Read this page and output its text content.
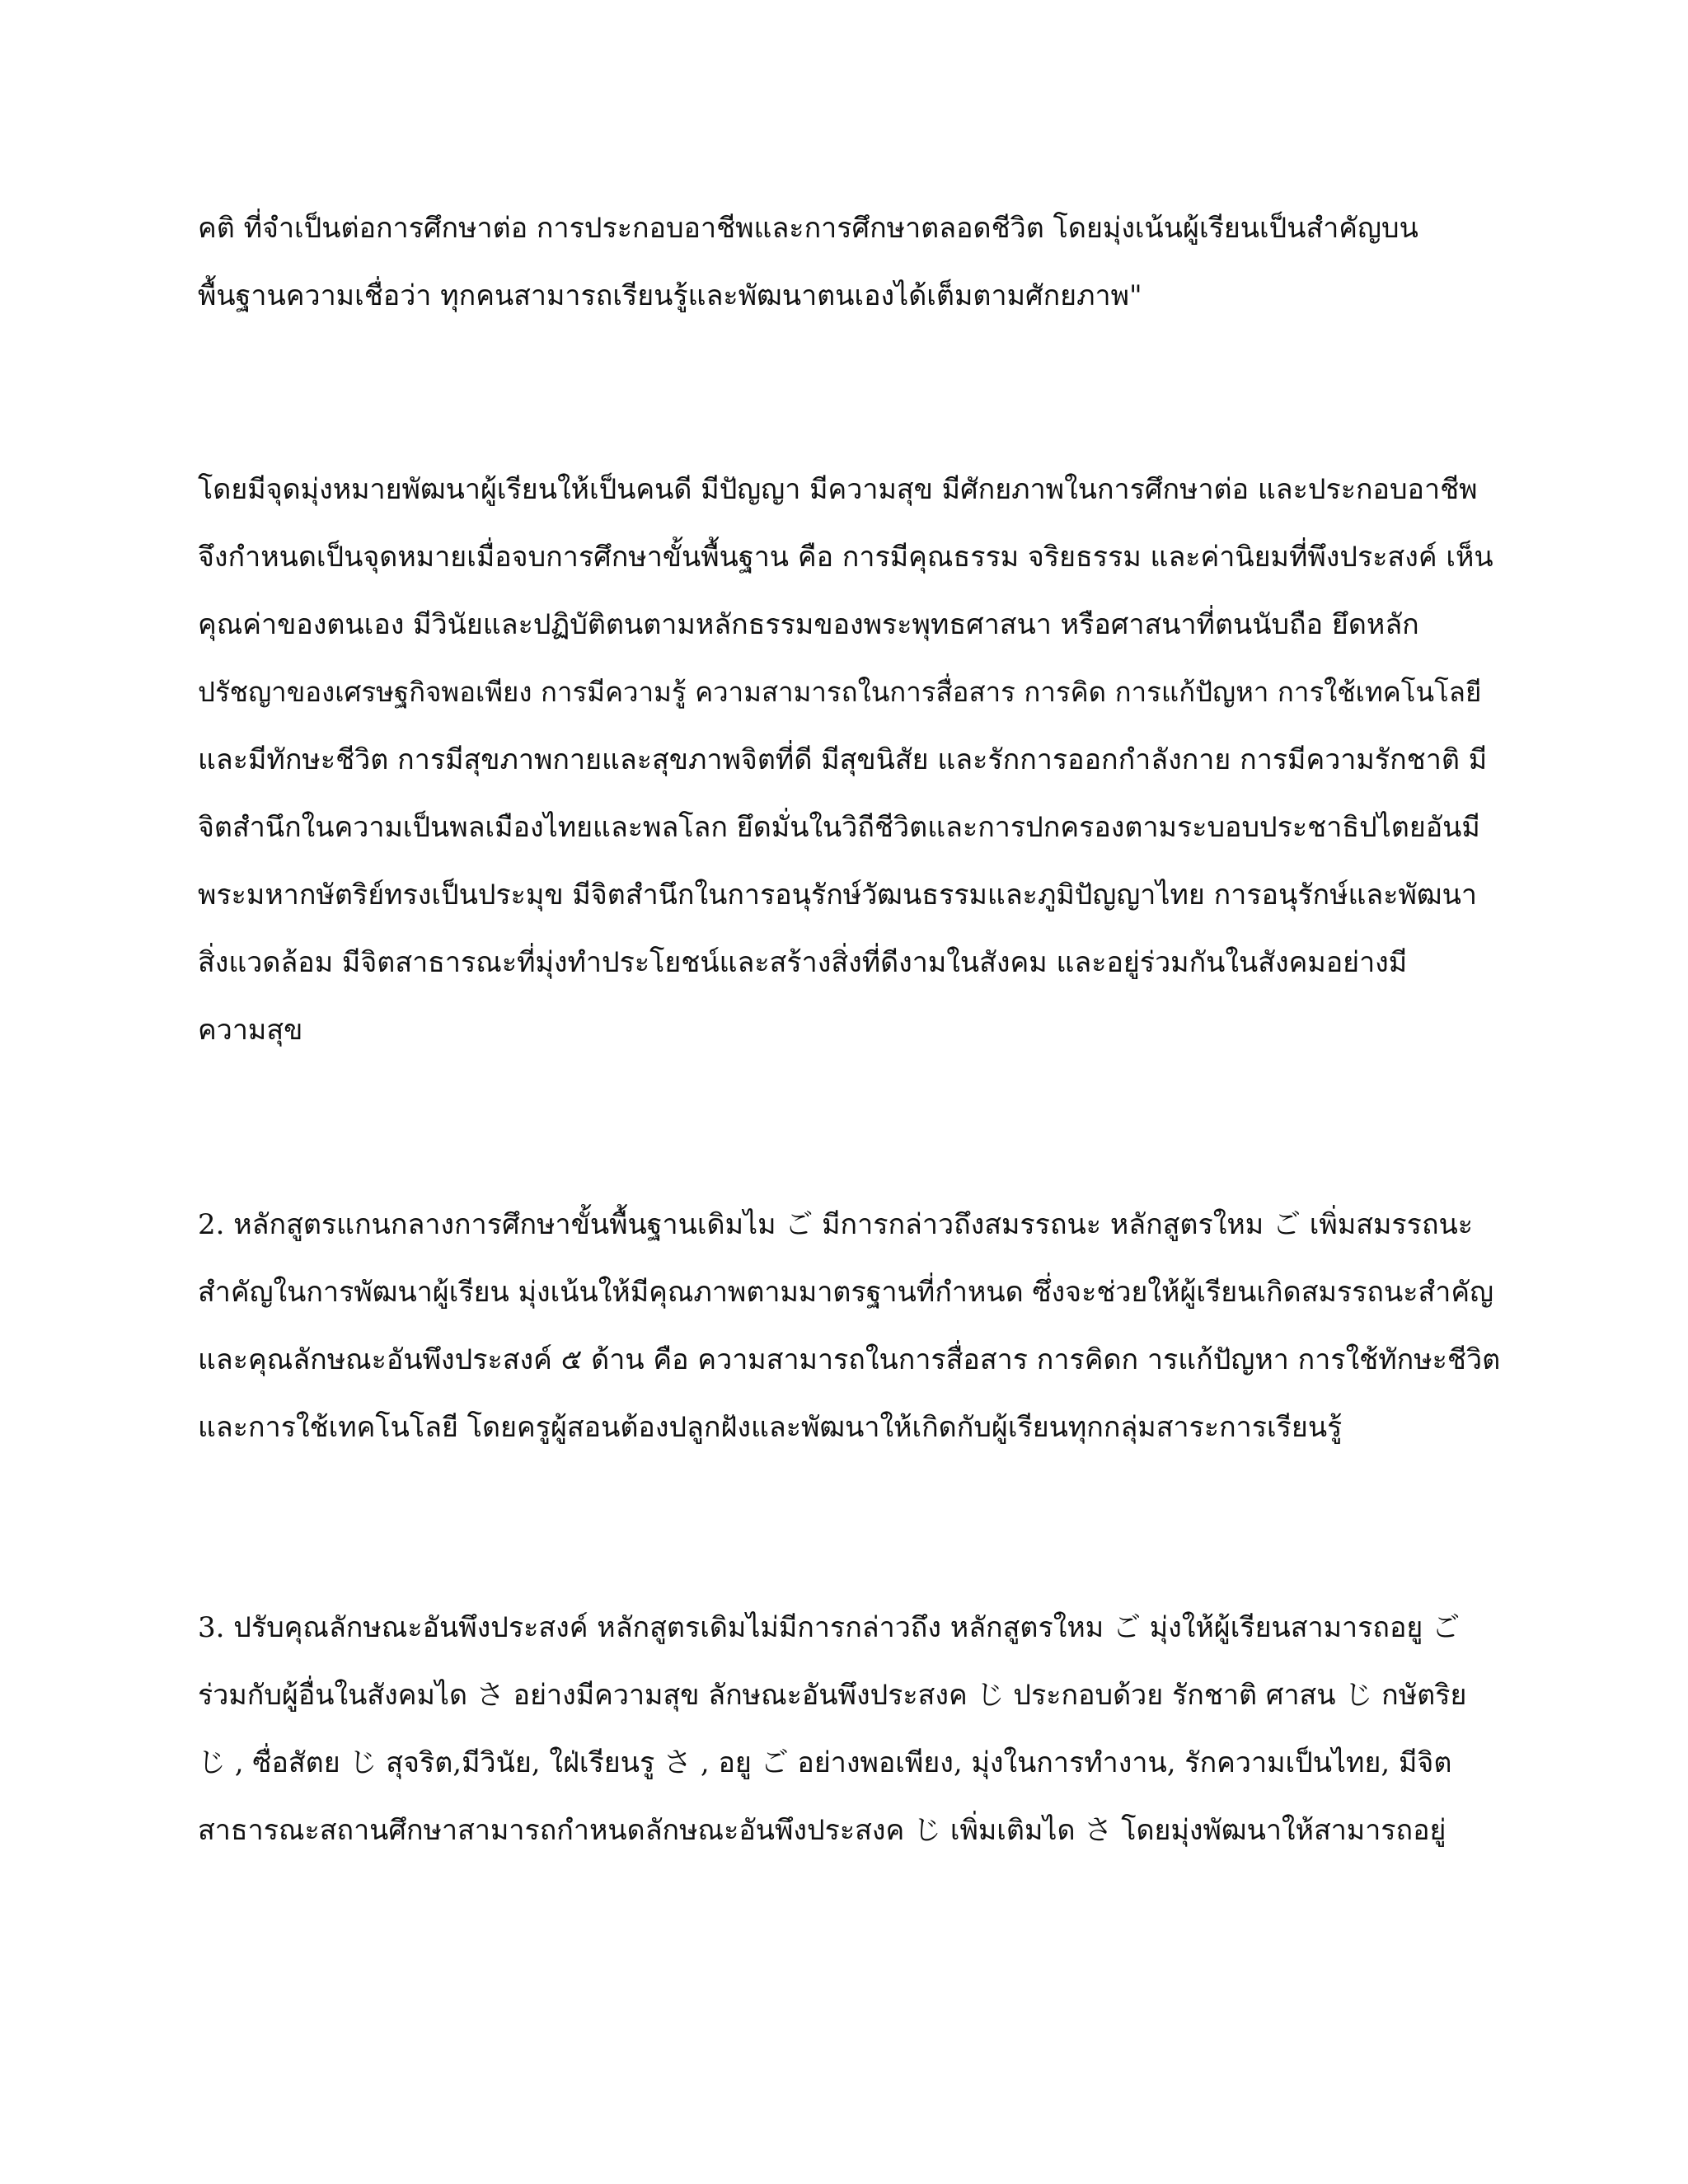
คติ ที่จำเป็นต่อการศึกษาต่อ การประกอบอาชีพและการศึกษาตลอดชีวิต โดยมุ่งเน้นผู้เรียนเป็นสำคัญบน
พื้นฐานความเชื่อว่า ทุกคนสามารถเรียนรู้และพัฒนาตนเองได้เต็มตามศักยภาพ"
โดยมีจุดมุ่งหมายพัฒนาผู้เรียนให้เป็นคนดี มีปัญญา มีความสุข มีศักยภาพในการศึกษาต่อ และประกอบอาชีพ
จึงกำหนดเป็นจุดหมายเมื่อจบการศึกษาขั้นพื้นฐาน คือ การมีคุณธรรม จริยธรรม และค่านิยมที่พึงประสงค์ เห็น
คุณค่าของตนเอง มีวินัยและปฏิบัติตนตามหลักธรรมของพระพุทธศาสนา หรือศาสนาที่ตนนับถือ ยึดหลัก
ปรัชญาของเศรษฐกิจพอเพียง การมีความรู้ ความสามารถในการสื่อสาร การคิด การแก้ปัญหา การใช้เทคโนโลยี
และมีทักษะชีวิต การมีสุขภาพกายและสุขภาพจิตที่ดี มีสุขนิสัย และรักการออกกำลังกาย การมีความรักชาติ มี
จิตสำนึกในความเป็นพลเมืองไทยและพลโลก ยึดมั่นในวิถีชีวิตและการปกครองตามระบอบประชาธิปไตยอันมี
พระมหากษัตริย์ทรงเป็นประมุข มีจิตสำนึกในการอนุรักษ์วัฒนธรรมและภูมิปัญญาไทย การอนุรักษ์และพัฒนา
สิ่งแวดล้อม มีจิตสาธารณะที่มุ่งทำประโยชน์และสร้างสิ่งที่ดีงามในสังคม และอยู่ร่วมกันในสังคมอย่างมี
ความสุข
2. หลักสูตรแกนกลางการศึกษาขั้นพื้นฐานเดิมไม ご มีการกล่าวถึงสมรรถนะ หลักสูตรใหม ご เพิ่มสมรรถนะ
สำคัญในการพัฒนาผู้เรียน มุ่งเน้นให้มีคุณภาพตามมาตรฐานที่กำหนด ซึ่งจะช่วยให้ผู้เรียนเกิดสมรรถนะสำคัญ
และคุณลักษณะอันพึงประสงค์ ๕ ด้าน คือ ความสามารถในการสื่อสาร การคิดก ารแก้ปัญหา การใช้ทักษะชีวิต
และการใช้เทคโนโลยี โดยครูผู้สอนต้องปลูกฝังและพัฒนาให้เกิดกับผู้เรียนทุกกลุ่มสาระการเรียนรู้
3. ปรับคุณลักษณะอันพึงประสงค์ หลักสูตรเดิมไม่มีการกล่าวถึง หลักสูตรใหม ご มุ่งให้ผู้เรียนสามารถอยู ご
ร่วมกับผู้อื่นในสังคมได さ อย่างมีความสุข ลักษณะอันพึงประสงค じ ประกอบด้วย รักชาติ ศาสน じ กษัตริย
じ , ซื่อสัตย じ สุจริต,มีวินัย, ใฝ่เรียนรู さ , อยู ご อย่างพอเพียง, มุ่งในการทำงาน, รักความเป็นไทย, มีจิต
สาธารณะสถานศึกษาสามารถกำหนดลักษณะอันพึงประสงค じ เพิ่มเติมได さ โดยมุ่งพัฒนาให้สามารถอยู่
